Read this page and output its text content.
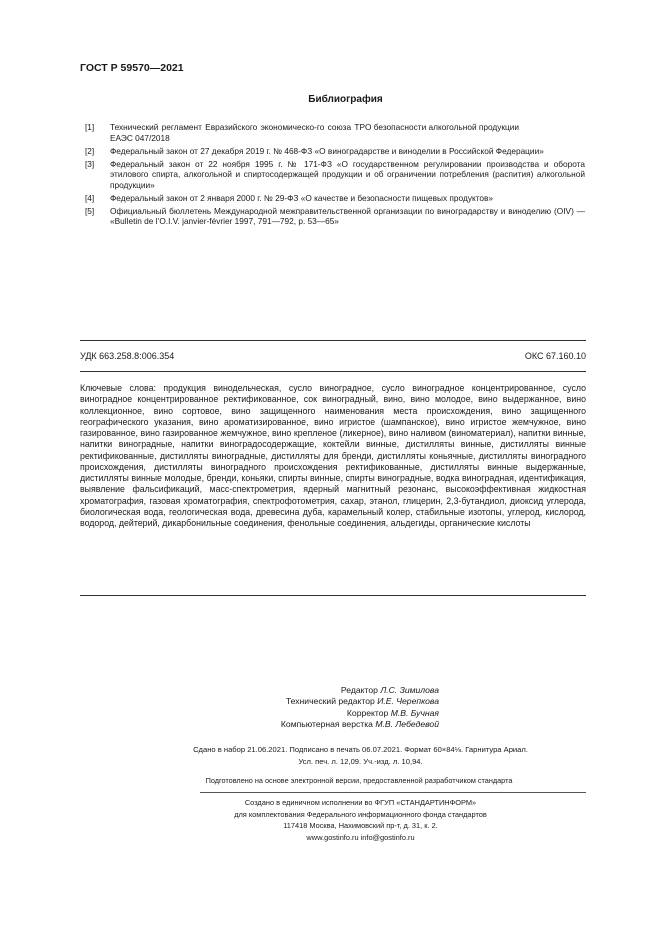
ГОСТ Р 59570—2021
Библиография
[1]	Технический регламент Евразийского экономическо-го союза ТР ЕАЭС 047/2018
О безопасности алкогольной продукции
[2]	Федеральный закон от 27 декабря 2019 г. № 468-ФЗ «О виноградарстве и виноделии в Российской Федерации»
[3]	Федеральный закон от 22 ноября 1995 г. № 171-ФЗ «О государственном регулировании производства и оборота этилового спирта, алкогольной и спиртосодержащей продукции и об ограничении потребления (распития) алкогольной продукции»
[4]	Федеральный закон от 2 января 2000 г. № 29-ФЗ «О качестве и безопасности пищевых продуктов»
[5]	Официальный бюллетень Международной межправительственной организации по виноградарству и виноделию (OIV) — «Bulletin de l’O.I.V. janvier-février 1997, 791—792, p. 53—65»
УДК 663.258.8:006.354	ОКС 67.160.10
Ключевые слова: продукция винодельческая, сусло виноградное, сусло виноградное концентрированное, сусло виноградное концентрированное ректификованное, сок виноградный, вино, вино молодое, вино выдержанное, вино коллекционное, вино сортовое, вино защищенного наименования места происхождения, вино защищенного географического указания, вино ароматизированное, вино игристое (шампанское), вино игристое жемчужное, вино газированное, вино газированное жемчужное, вино крепленое (ликерное), вино наливом (виноматериал), напитки винные, напитки виноградные, напитки виноградосодержащие, коктейли винные, дистилляты винные, дистилляты винные ректификованные, дистилляты виноградные, дистилляты для бренди, дистилляты коньячные, дистилляты виноградного происхождения, дистилляты виноградного происхождения ректификованные, дистилляты винные выдержанные, дистилляты винные молодые, бренди, коньяки, спирты винные, спирты виноградные, водка виноградная, идентификация, выявление фальсификаций, масс-спектрометрия, ядерный магнитный резонанс, высокоэффективная жидкостная хроматография, газовая хроматография, спектрофотометрия, сахар, этанол, глицерин, 2,3-бутандиол, диоксид углерода, биологическая вода, геологическая вода, древесина дуба, карамельный колер, стабильные изотопы, углерод, кислород, водород, дейтерий, дикарбонильные соединения, фенольные соединения, альдегиды, органические кислоты
Редактор Л.С. Зимилова
Технический редактор И.Е. Черепкова
Корректор М.В. Бучная
Компьютерная верстка М.В. Лебедевой
Сдано в набор 21.06.2021. Подписано в печать 06.07.2021. Формат 60×84⅛. Гарнитура Ариал.
Усл. печ. л. 12,09. Уч.-изд. л. 10,94.
Подготовлено на основе электронной версии, предоставленной разработчиком стандарта
Создано в единичном исполнении во ФГУП «СТАНДАРТИНФОРМ»
для комплектования Федерального информационного фонда стандартов
117418 Москва, Нахимовский пр-т, д. 31, к. 2.
www.gostinfo.ru info@gostinfo.ru
